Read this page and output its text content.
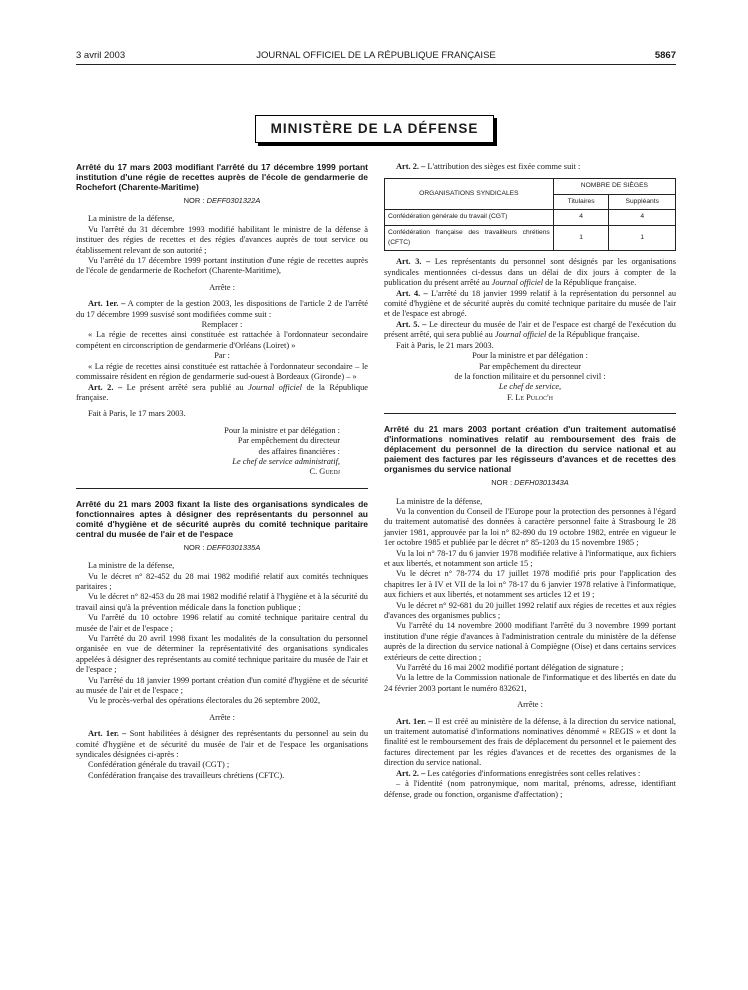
3 avril 2003	JOURNAL OFFICIEL DE LA RÉPUBLIQUE FRANÇAISE	5867
MINISTÈRE DE LA DÉFENSE

Arrêté du 17 mars 2003 modifiant l'arrêté du 17 décembre 1999 portant institution d'une régie de recettes auprès de l'école de gendarmerie de Rochefort (Charente-Maritime)

NOR : DEFF0301322A

La ministre de la défense,

Vu l'arrêté du 31 décembre 1993 modifié habilitant le ministre de la défense à instituer des régies de recettes et des régies d'avances auprès de tout service ou établissement relevant de son autorité ;

Vu l'arrêté du 17 décembre 1999 portant institution d'une régie de recettes auprès de l'école de gendarmerie de Rochefort (Charente-Maritime),

Arrête :

Art. 1er. – A compter de la gestion 2003, les dispositions de l'article 2 de l'arrêté du 17 décembre 1999 susvisé sont modifiées comme suit :

Remplacer :

« La régie de recettes ainsi constituée est rattachée à l'ordonnateur secondaire compétent en circonscription de gendarmerie d'Orléans (Loiret) »

Par :

« La régie de recettes ainsi constituée est rattachée à l'ordonnateur secondaire – le commissaire résident en région de gendarmerie sud-ouest à Bordeaux (Gironde) – »

Art. 2. – Le présent arrêté sera publié au Journal officiel de la République française.

Fait à Paris, le 17 mars 2003.

Pour la ministre et par délégation :

Par empêchement du directeur

des affaires financières :

Le chef de service administratif,

C. Guedj

Arrêté du 21 mars 2003 fixant la liste des organisations syndicales de fonctionnaires aptes à désigner des représentants du personnel au comité d'hygiène et de sécurité auprès du comité technique paritaire central du musée de l'air et de l'espace

NOR : DEFF0301335A

La ministre de la défense,

Vu le décret n° 82-452 du 28 mai 1982 modifié relatif aux comités techniques paritaires ;

Vu le décret n° 82-453 du 28 mai 1982 modifié relatif à l'hygiène et à la sécurité du travail ainsi qu'à la prévention médicale dans la fonction publique ;

Vu l'arrêté du 10 octobre 1996 relatif au comité technique paritaire central du musée de l'air et de l'espace ;

Vu l'arrêté du 20 avril 1998 fixant les modalités de la consultation du personnel organisée en vue de déterminer la représentativité des organisations syndicales appelées à désigner des représentants au comité technique paritaire du musée de l'air et de l'espace ;

Vu l'arrêté du 18 janvier 1999 portant création d'un comité d'hygiène et de sécurité au musée de l'air et de l'espace ;

Vu le procès-verbal des opérations électorales du 26 septembre 2002,

Arrête :

Art. 1er. – Sont habilitées à désigner des représentants du personnel au sein du comité d'hygiène et de sécurité du musée de l'air et de l'espace les organisations syndicales désignées ci-après :

Confédération générale du travail (CGT) ;

Confédération française des travailleurs chrétiens (CFTC).

Art. 2. – L'attribution des sièges est fixée comme suit :

ORGANISATIONS SYNDICALES	NOMBRE DE SIÈGES	
	Titulaires	Suppléants
Confédération générale du travail (CGT)	4	4
Confédération française des travailleurs chrétiens (CFTC)	1	1

Art. 3. – Les représentants du personnel sont désignés par les organisations syndicales mentionnées ci-dessus dans un délai de dix jours à compter de la publication du présent arrêté au Journal officiel de la République française.

Art. 4. – L'arrêté du 18 janvier 1999 relatif à la représentation du personnel au comité d'hygiène et de sécurité auprès du comité technique paritaire du musée de l'air et de l'espace est abrogé.

Art. 5. – Le directeur du musée de l'air et de l'espace est chargé de l'exécution du présent arrêté, qui sera publié au Journal officiel de la République française.

Fait à Paris, le 21 mars 2003.

Pour la ministre et par délégation :

Par empêchement du directeur

de la fonction militaire et du personnel civil :

Le chef de service,

F. Le Puloc'h

Arrêté du 21 mars 2003 portant création d'un traitement automatisé d'informations nominatives relatif au remboursement des frais de déplacement du personnel de la direction du service national et au paiement des factures par les régisseurs d'avances et de recettes des organismes du service national

NOR : DEFH0301343A

La ministre de la défense,

Vu la convention du Conseil de l'Europe pour la protection des personnes à l'égard du traitement automatisé des données à caractère personnel faite à Strasbourg le 28 janvier 1981, approuvée par la loi n° 82-890 du 19 octobre 1982, entrée en vigueur le 1er octobre 1985 et publiée par le décret n° 85-1203 du 15 novembre 1985 ;

Vu la loi n° 78-17 du 6 janvier 1978 modifiée relative à l'informatique, aux fichiers et aux libertés, et notamment son article 15 ;

Vu le décret n° 78-774 du 17 juillet 1978 modifié pris pour l'application des chapitres Ier à IV et VII de la loi n° 78-17 du 6 janvier 1978 relative à l'informatique, aux fichiers et aux libertés, et notamment ses articles 12 et 19 ;

Vu le décret n° 92-681 du 20 juillet 1992 relatif aux régies de recettes et aux régies d'avances des organismes publics ;

Vu l'arrêté du 14 novembre 2000 modifiant l'arrêté du 3 novembre 1999 portant institution d'une régie d'avances à l'administration centrale du ministère de la défense auprès de la direction du service national à Compiègne (Oise) et dans certains services extérieurs de cette direction ;

Vu l'arrêté du 16 mai 2002 modifié portant délégation de signature ;

Vu la lettre de la Commission nationale de l'informatique et des libertés en date du 24 février 2003 portant le numéro 832621,

Arrête :

Art. 1er. – Il est créé au ministère de la défense, à la direction du service national, un traitement automatisé d'informations nominatives dénommé « REGIS » et dont la finalité est le remboursement des frais de déplacement du personnel et le paiement des factures directement par les régies d'avances et de recettes des organismes de la direction du service national.

Art. 2. – Les catégories d'informations enregistrées sont celles relatives :

– à l'identité (nom patronymique, nom marital, prénoms, adresse, identifiant défense, grade ou fonction, organisme d'affectation) ;
